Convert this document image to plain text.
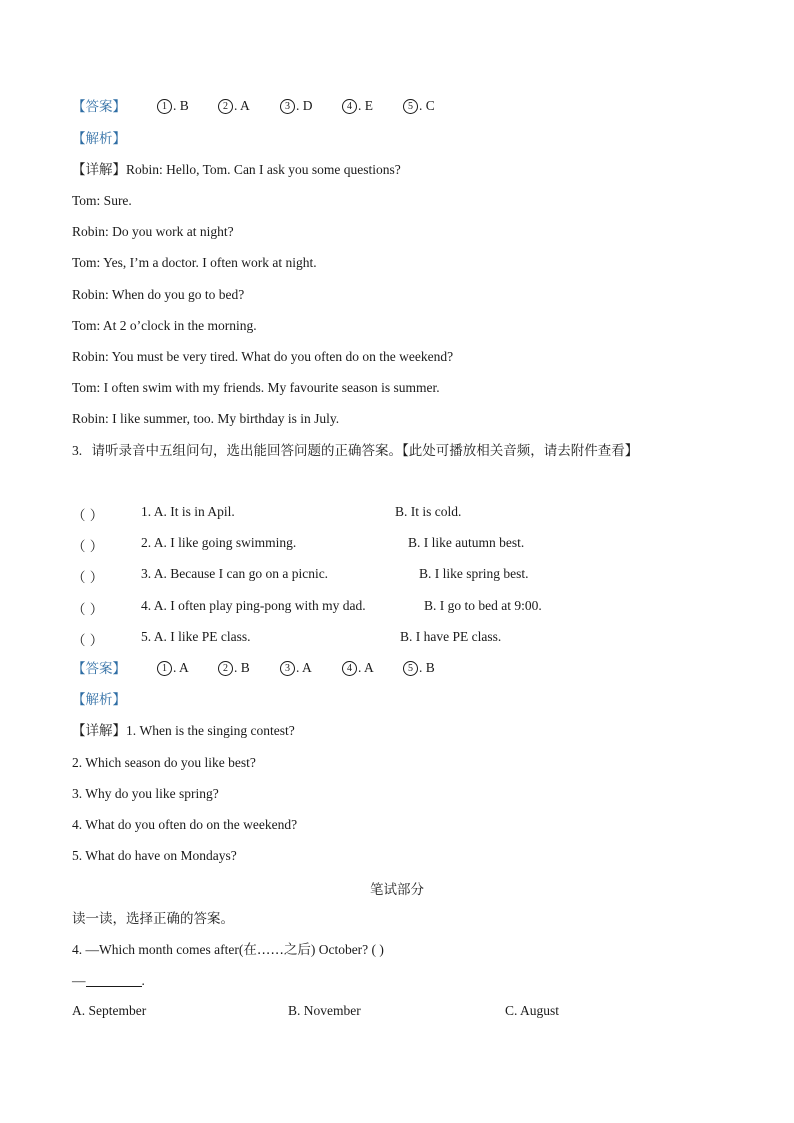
【答案】	1 . B	2 . A	3 . D	4 . E	5 . C
【解析】
【详解】Robin: Hello, Tom. Can I ask you some questions?
Tom: Sure.
Robin: Do you work at night?
Tom: Yes, I’m a doctor. I often work at night.
Robin: When do you go to bed?
Tom: At 2 o’clock in the morning.
Robin: You must be very tired. What do you often do on the weekend?
Tom: I often swim with my friends. My favourite season is summer.
Robin: I like summer, too. My birthday is in July.
3. 请听录音中五组问句，选出能回答问题的正确答案。【此处可播放相关音频，请去附件查看】
（ ）	1. A. It is in Apil.	B. It is cold.
（ ）	2. A. I like going swimming.	B. I like autumn best.
（ ）	3. A. Because I can go on a picnic.	B. I like spring best.
（ ）	4. A. I often play ping-pong with my dad.	B. I go to bed at 9:00.
（ ）	5. A. I like PE class.	B. I have PE class.
【答案】	1 . A	2 . B	3 . A	4 . A	5 . B
【解析】
【详解】1. When is the singing contest?
2. Which season do you like best?
3. Why do you like spring?
4. What do you often do on the weekend?
5. What do have on Mondays?
笔试部分
读一读，选择正确的答案。
4. —Which month comes after(在……之后) October? ( )
—	.
A. September	B. November	C. August
